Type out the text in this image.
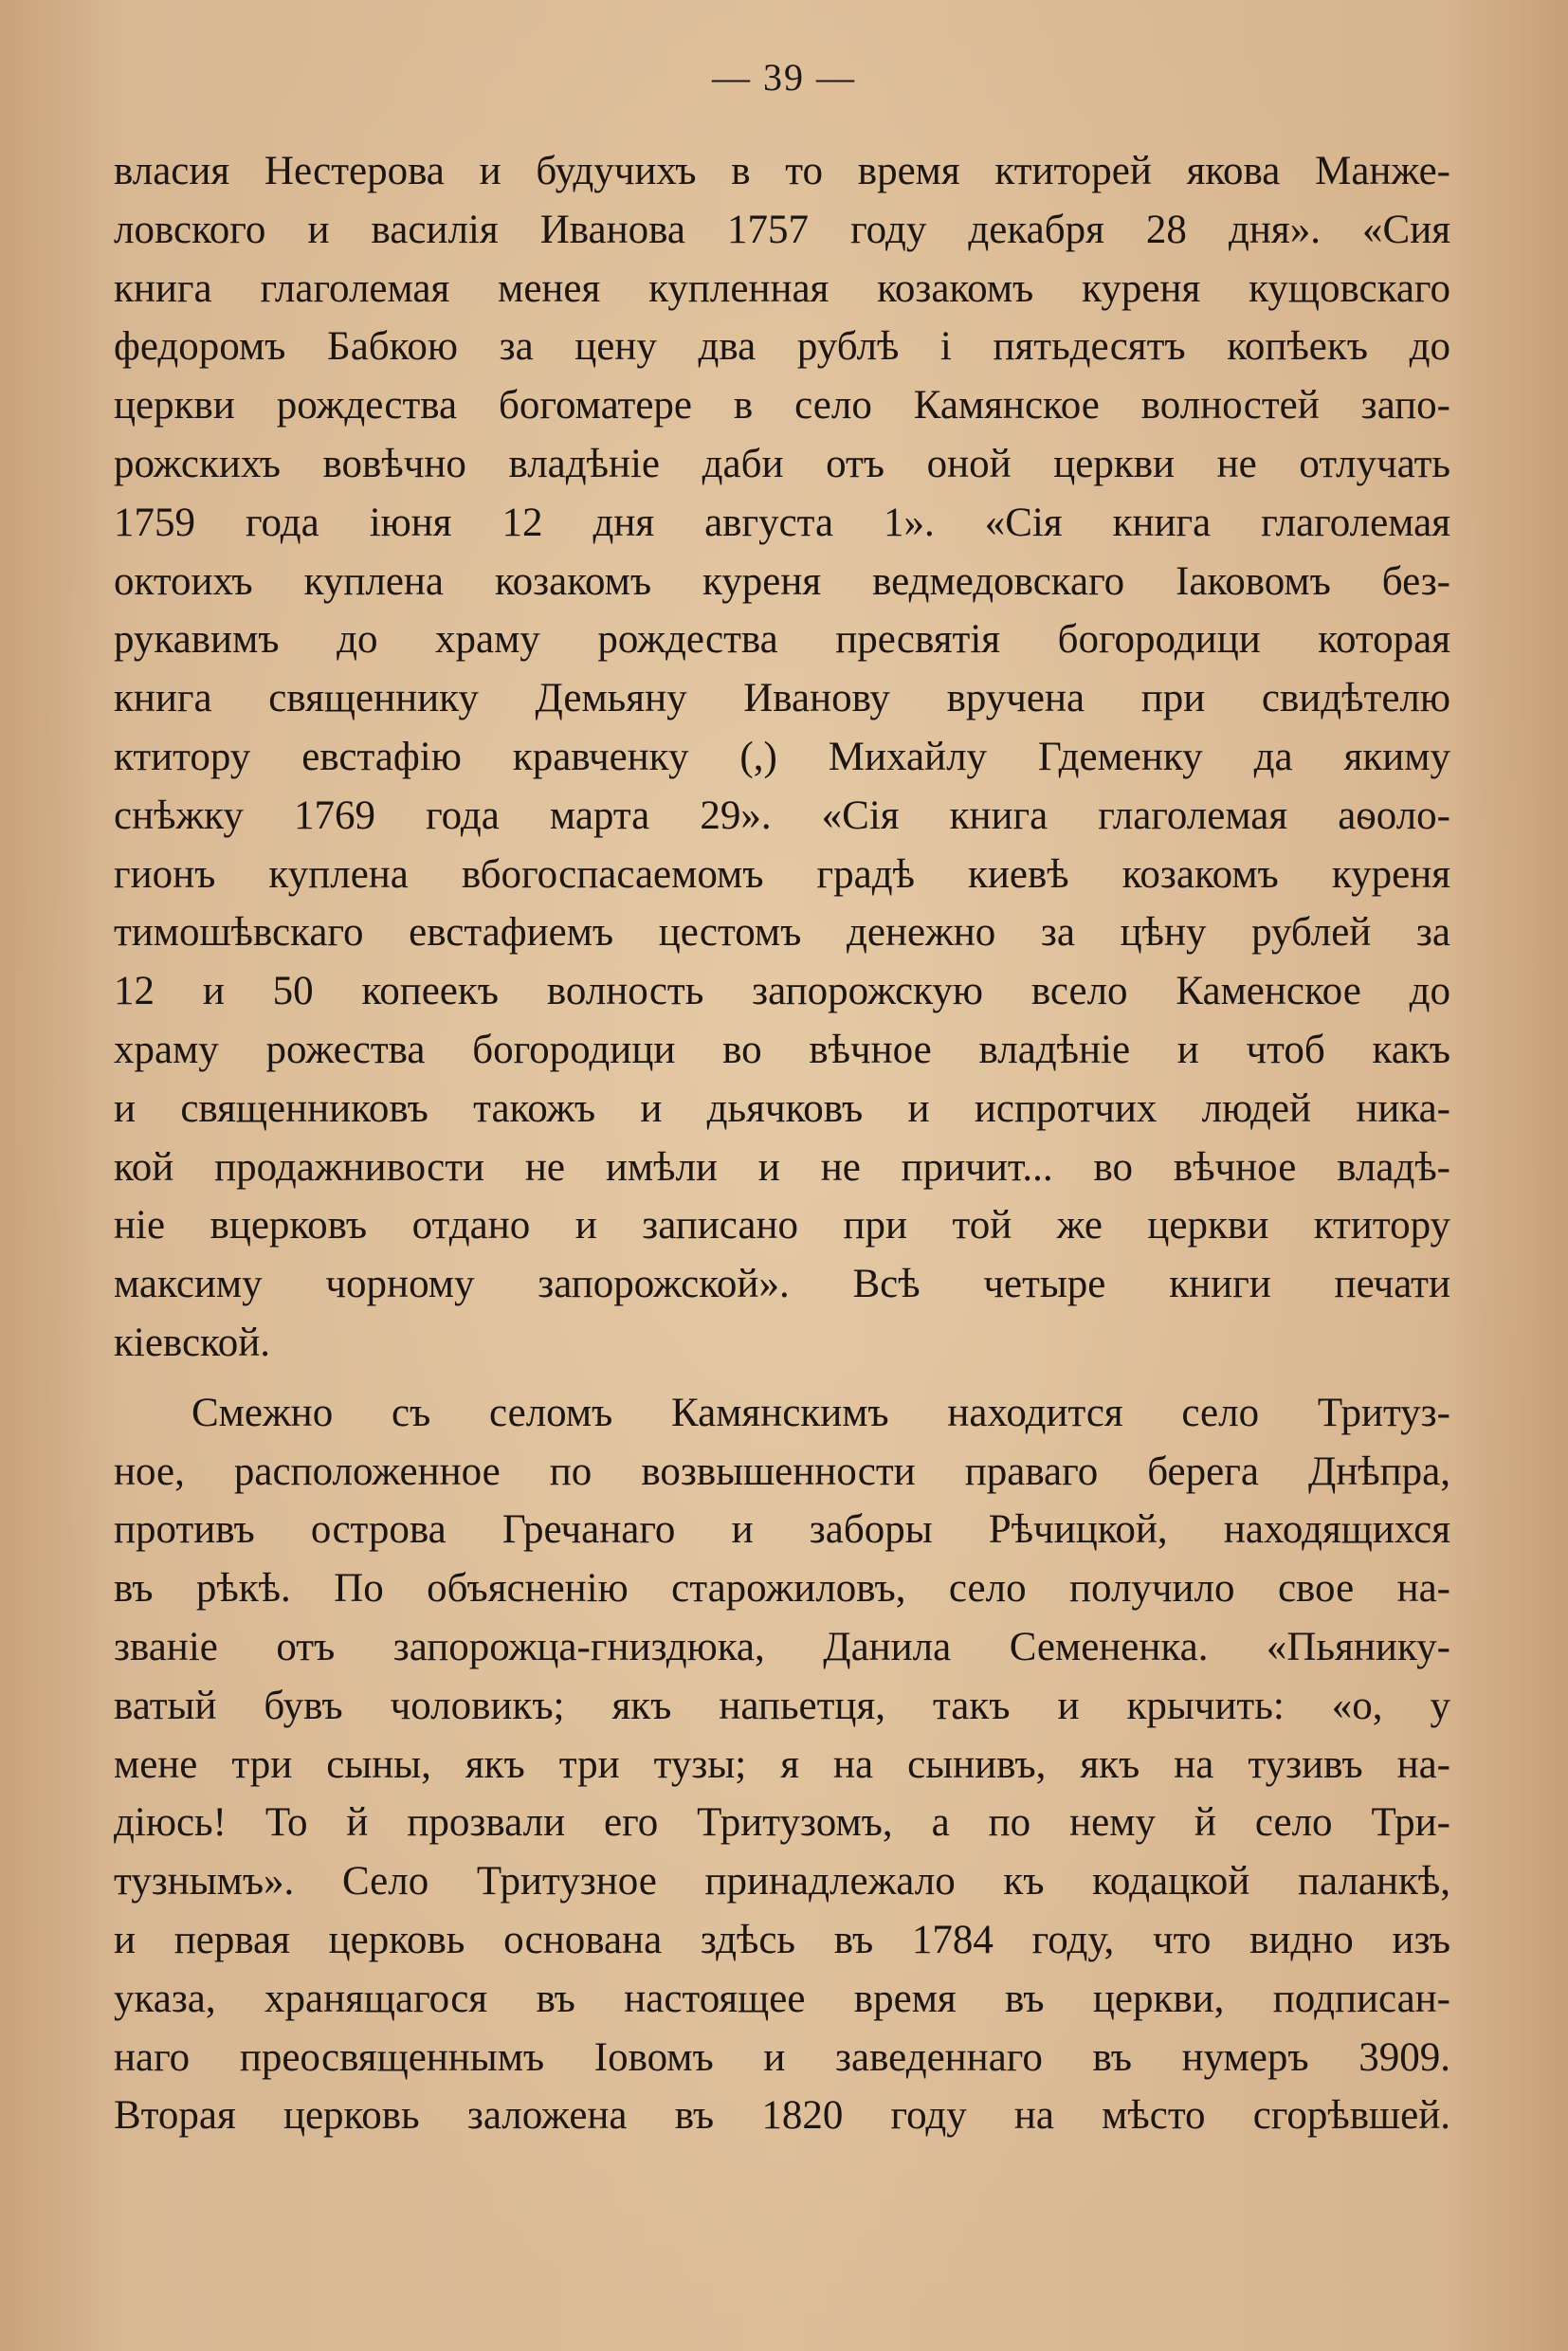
— 39 —
власия Нестерова и будучихъ в то время ктиторей якова Манже-
ловского и василія Иванова 1757 году декабря 28 дня». «Сия
книга глаголемая менея купленная козакомъ куреня кущовскаго
федоромъ Бабкою за цену два рублѣ і пятьдесятъ копѣекъ до
церкви рождества богоматере в село Камянское волностей запо-
рожскихъ вовѣчно владѣніе даби отъ оной церкви не отлучать
1759 года іюня 12 дня августа 1». «Сія книга глаголемая
октоихъ куплена козакомъ куреня ведмедовскаго Іаковомъ без-
рукавимъ до храму рождества пресвятія богородици которая
книга священнику Демьяну Иванову вручена при свидѣтелю
ктитору евстафію кравченку (,) Михайлу Гдеменку да якиму
снѣжку 1769 года марта 29». «Сія книга глаголемая аѳоло-
гионъ куплена вбогоспасаемомъ градѣ киевѣ козакомъ куреня
тимошѣвскаго евстафиемъ цестомъ денежно за цѣну рублей за
12 и 50 копеекъ волность запорожскую всело Каменское до
храму рожества богородици во вѣчное владѣніе и чтоб какъ
и священниковъ такожъ и дьячковъ и испротчих людей ника-
кой продажнивости не имѣли и не причит... во вѣчное владѣ-
ніе вцерковъ отдано и записано при той же церкви ктитору
максиму чорному запорожской». Всѣ четыре книги печати
кіевской.
Смежно съ селомъ Камянскимъ находится село Тритуз-
ное, расположенное по возвышенности праваго берега Днѣпра,
противъ острова Гречанаго и заборы Рѣчицкой, находящихся
въ рѣкѣ. По объясненію старожиловъ, село получило свое на-
званіе отъ запорожца-гниздюка, Данила Семененка. «Пьянику-
ватый бувъ чоловикъ; якъ напьетця, такъ и крычить: «о, у
мене три сыны, якъ три тузы; я на сынивъ, якъ на тузивъ на-
діюсь! То й прозвали его Тритузомъ, а по нему й село Три-
тузнымъ». Село Тритузное принадлежало къ кодацкой паланкѣ,
и первая церковь основана здѣсь въ 1784 году, что видно изъ
указа, хранящагося въ настоящее время въ церкви, подписан-
наго преосвященнымъ Іовомъ и заведеннаго въ нумеръ 3909.
Вторая церковь заложена въ 1820 году на мѣсто сгорѣвшей.
